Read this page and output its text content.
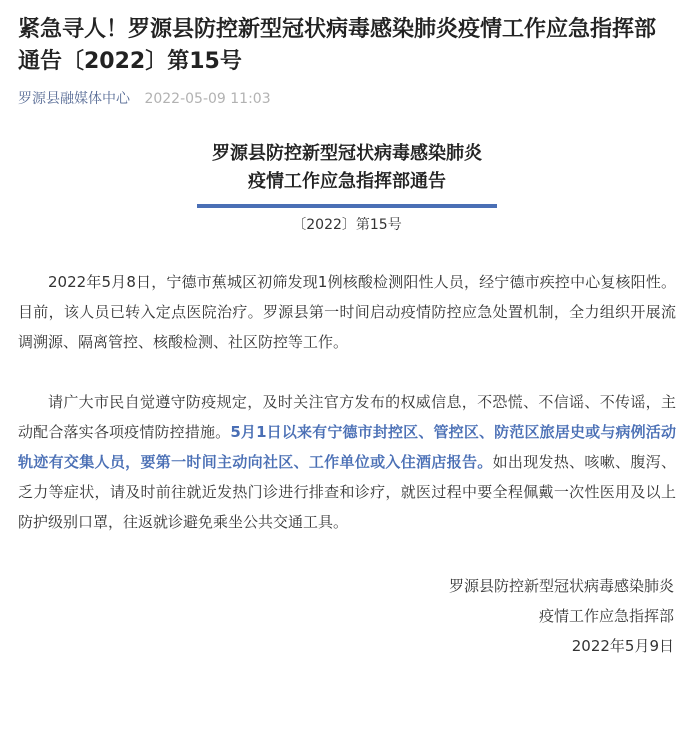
紧急寻人！罗源县防控新型冠状病毒感染肺炎疫情工作应急指挥部通告〔2022〕第15号
罗源县融媒体中心 2022-05-09 11:03
罗源县防控新型冠状病毒感染肺炎
疫情工作应急指挥部通告
〔2022〕第15号

2022年5月8日，宁德市蕉城区初筛发现1例核酸检测阳性人员，经宁德市疾控中心复核阳性。目前，该人员已转入定点医院治疗。罗源县第一时间启动疫情防控应急处置机制，全力组织开展流调溯源、隔离管控、核酸检测、社区防控等工作。

请广大市民自觉遵守防疫规定，及时关注官方发布的权威信息，不恐慌、不信谣、不传谣，主动配合落实各项疫情防控措施。5月1日以来有宁德市封控区、管控区、防范区旅居史或与病例活动轨迹有交集人员，要第一时间主动向社区、工作单位或入住酒店报告。如出现发热、咳嗽、腹泻、乏力等症状，请及时前往就近发热门诊进行排查和诊疗，就医过程中要全程佩戴一次性医用及以上防护级别口罩，往返就诊避免乘坐公共交通工具。

罗源县防控新型冠状病毒感染肺炎
疫情工作应急指挥部
2022年5月9日
